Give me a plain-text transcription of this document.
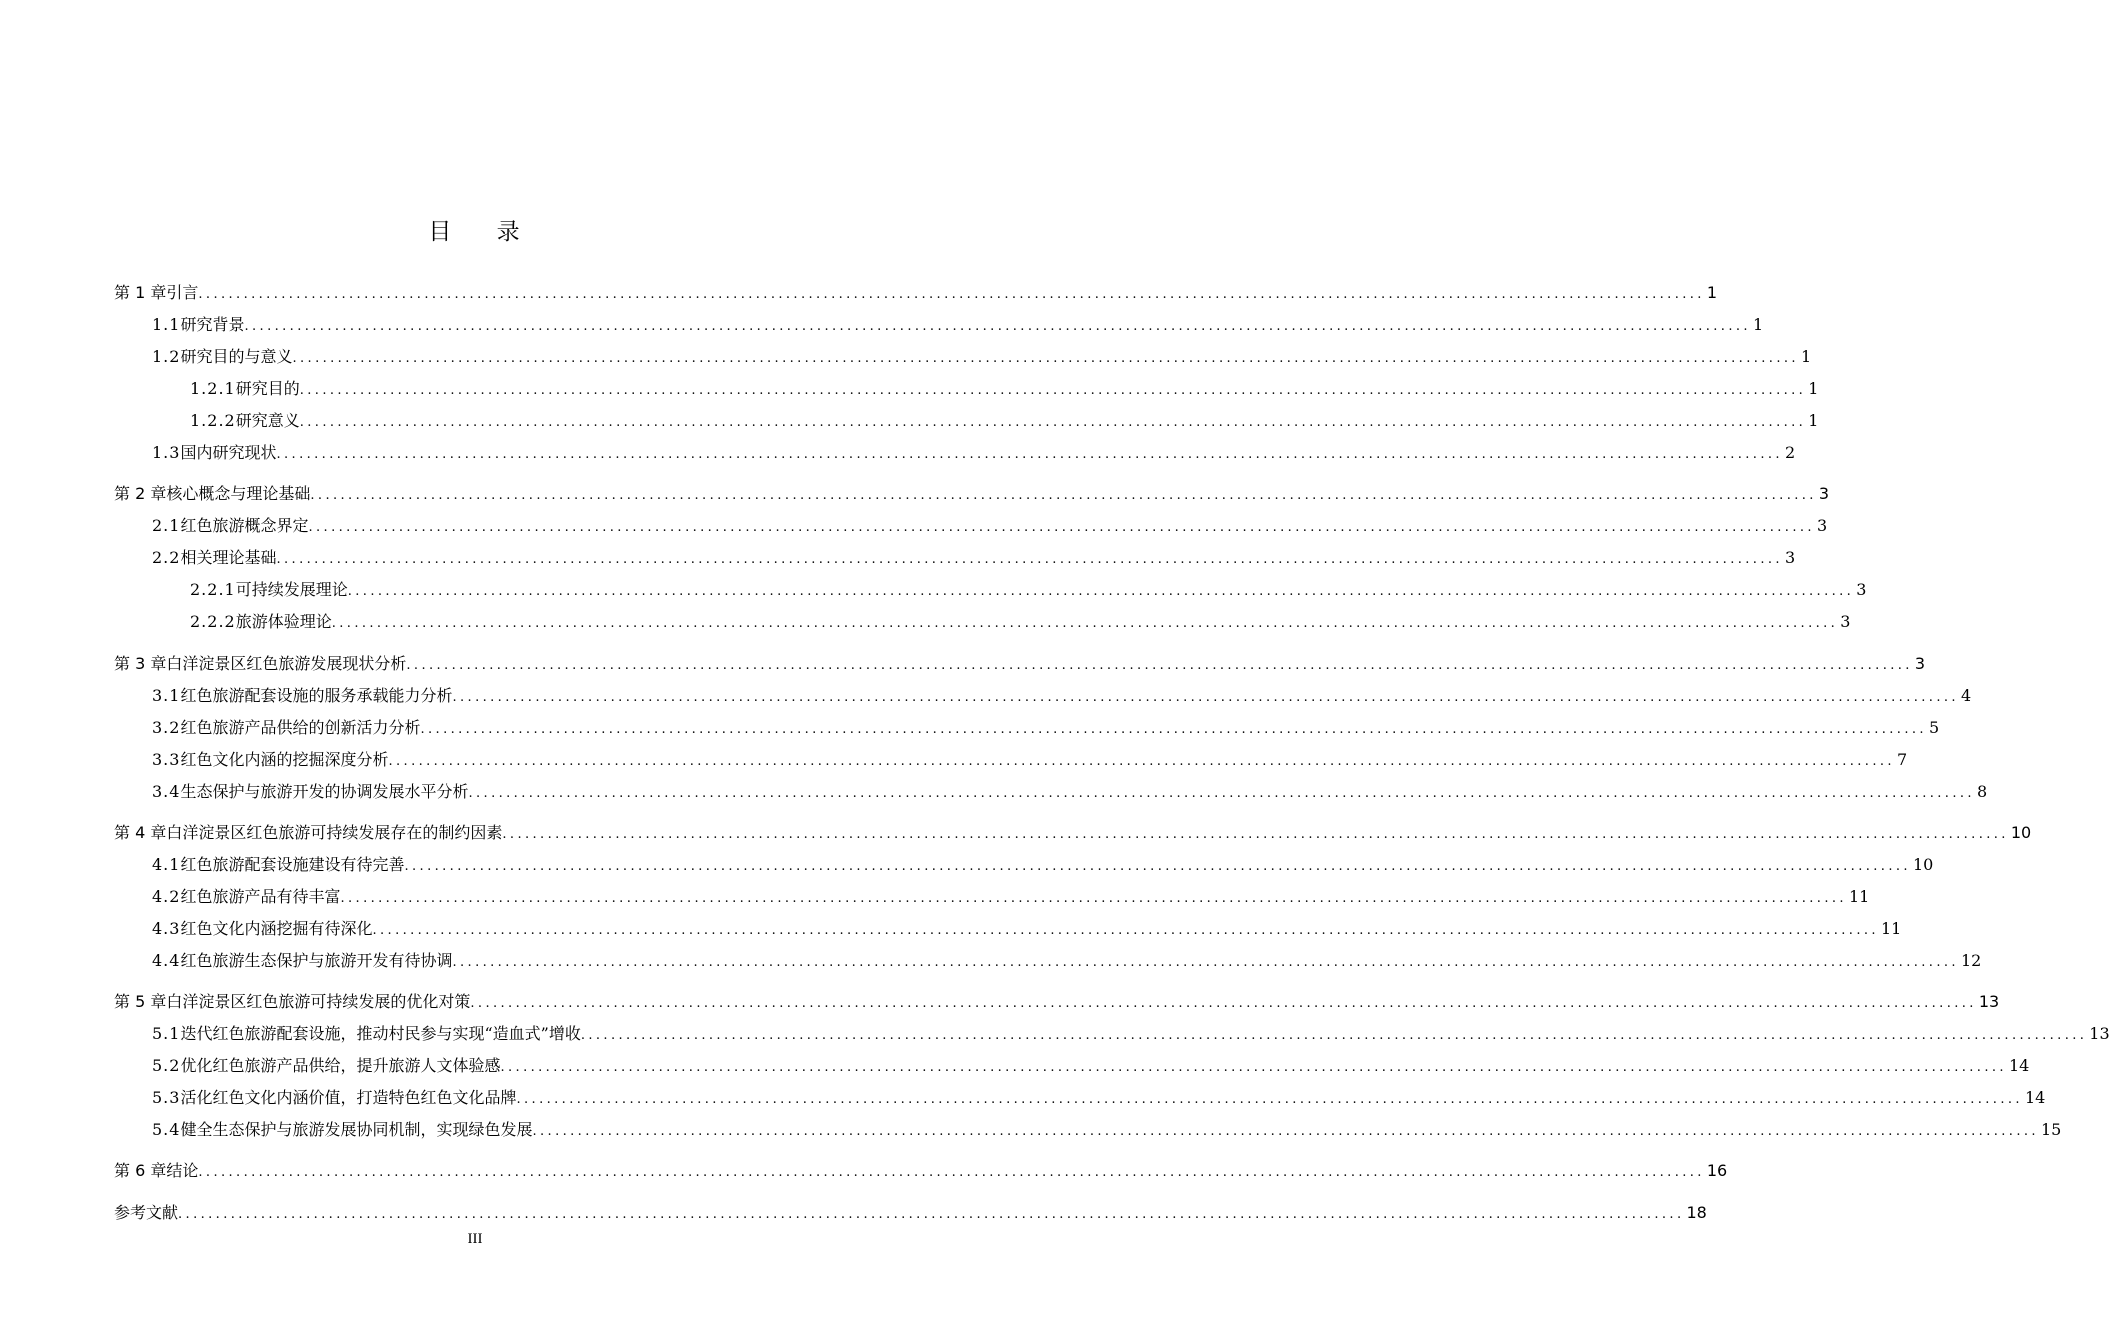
目 录
第 1 章 引言 ........................................................................................................................................................................................................ 1
1.1 研究背景 ........................................................................................................................................................................................................ 1
1.2 研究目的与意义 ........................................................................................................................................................................................................ 1
1.2.1 研究目的 ........................................................................................................................................................................................................ 1
1.2.2 研究意义 ........................................................................................................................................................................................................ 1
1.3 国内研究现状 ........................................................................................................................................................................................................ 2
第 2 章 核心概念与理论基础 ........................................................................................................................................................................................................ 3
2.1 红色旅游概念界定 ........................................................................................................................................................................................................ 3
2.2 相关理论基础 ........................................................................................................................................................................................................ 3
2.2.1 可持续发展理论 ........................................................................................................................................................................................................ 3
2.2.2 旅游体验理论 ........................................................................................................................................................................................................ 3
第 3 章 白洋淀景区红色旅游发展现状分析 ........................................................................................................................................................................................................ 3
3.1 红色旅游配套设施的服务承载能力分析 ........................................................................................................................................................................................................ 4
3.2 红色旅游产品供给的创新活力分析 ........................................................................................................................................................................................................ 5
3.3 红色文化内涵的挖掘深度分析 ........................................................................................................................................................................................................ 7
3.4 生态保护与旅游开发的协调发展水平分析 ........................................................................................................................................................................................................ 8
第 4 章 白洋淀景区红色旅游可持续发展存在的制约因素 ........................................................................................................................................................................................................ 10
4.1 红色旅游配套设施建设有待完善 ........................................................................................................................................................................................................ 10
4.2 红色旅游产品有待丰富 ........................................................................................................................................................................................................ 11
4.3 红色文化内涵挖掘有待深化 ........................................................................................................................................................................................................ 11
4.4 红色旅游生态保护与旅游开发有待协调 ........................................................................................................................................................................................................ 12
第 5 章 白洋淀景区红色旅游可持续发展的优化对策 ........................................................................................................................................................................................................ 13
5.1 迭代红色旅游配套设施，推动村民参与实现“造血式”增收 ........................................................................................................................................................................................................ 13
5.2 优化红色旅游产品供给，提升旅游人文体验感 ........................................................................................................................................................................................................ 14
5.3 活化红色文化内涵价值，打造特色红色文化品牌 ........................................................................................................................................................................................................ 14
5.4 健全生态保护与旅游发展协同机制，实现绿色发展 ........................................................................................................................................................................................................ 15
第 6 章 结论 ........................................................................................................................................................................................................ 16
参考文献 ........................................................................................................................................................................................................ 18
III
